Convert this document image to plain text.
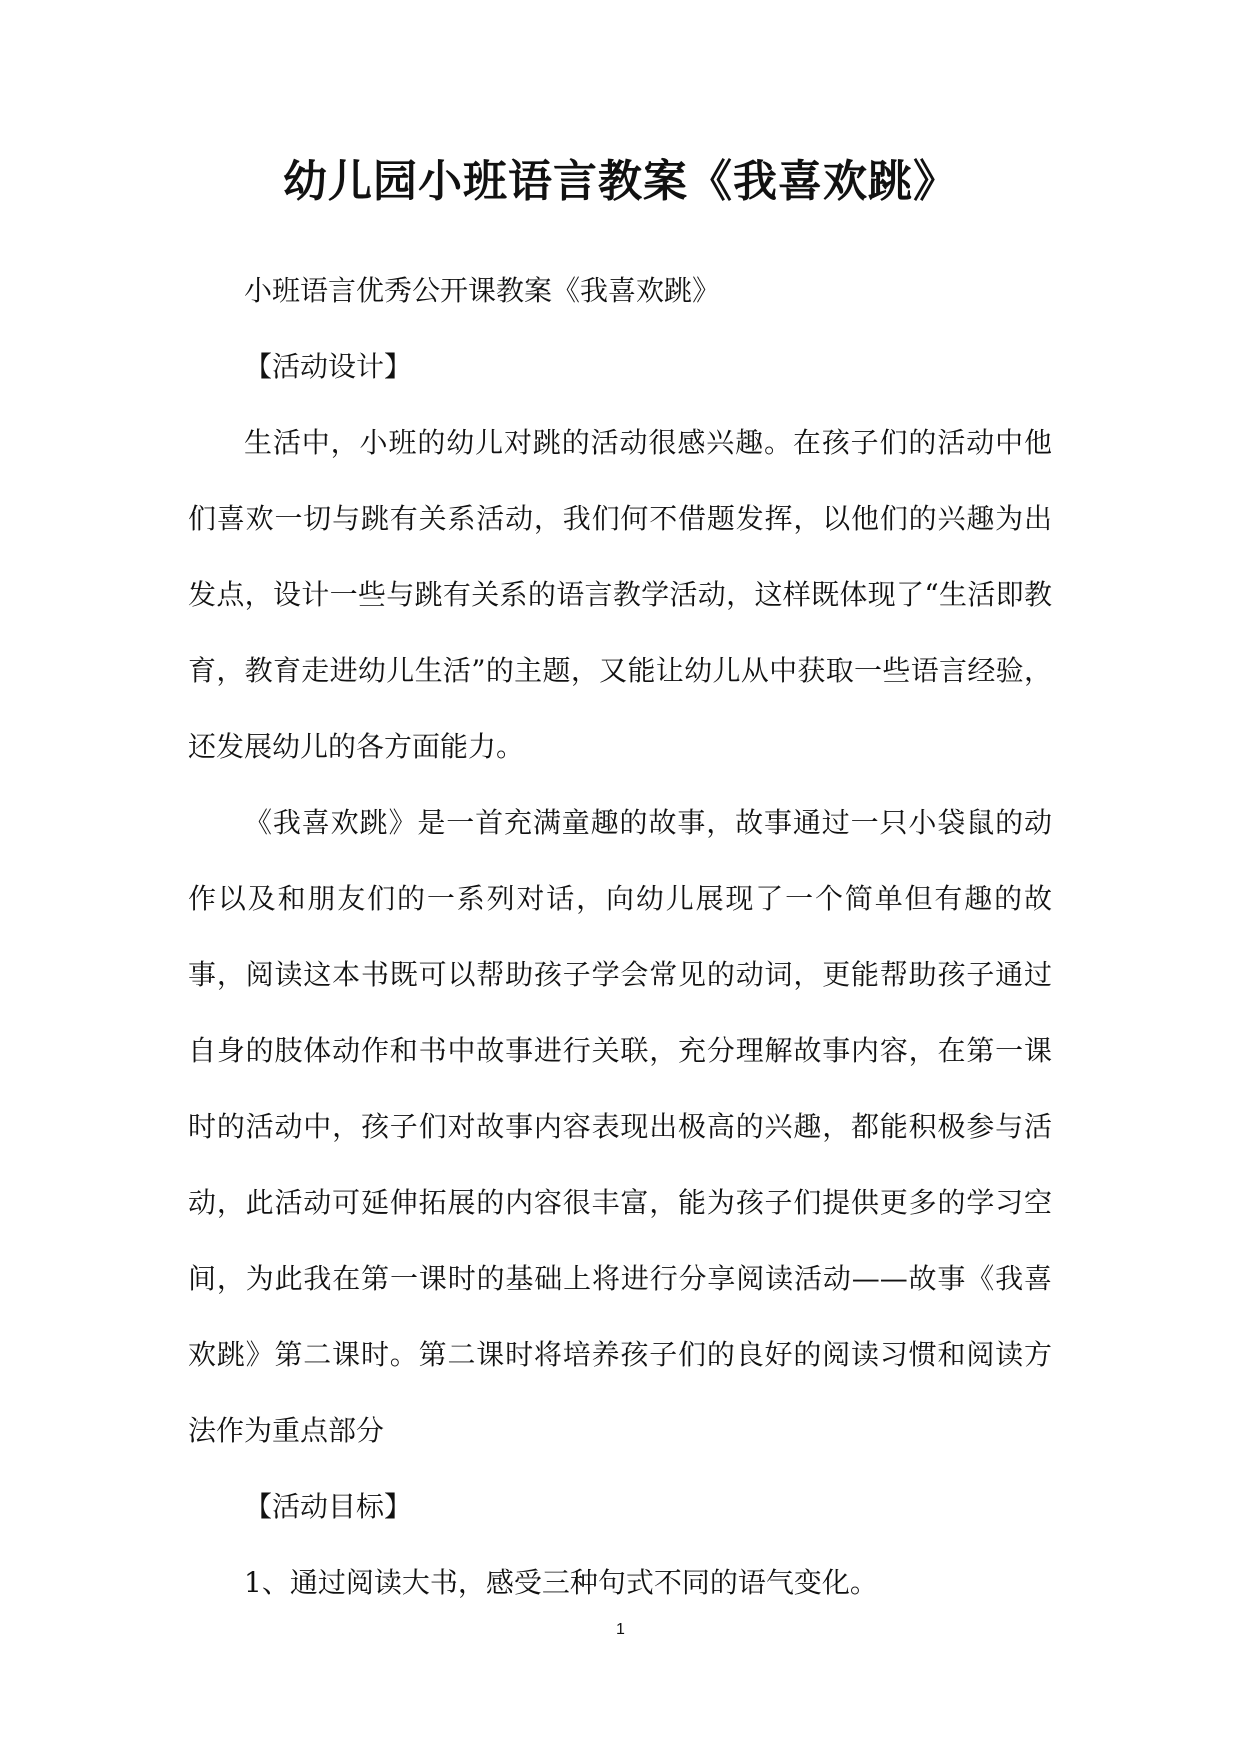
幼儿园小班语言教案《我喜欢跳》

小班语言优秀公开课教案《我喜欢跳》

【活动设计】

生活中，小班的幼儿对跳的活动很感兴趣。在孩子们的活动中他们喜欢一切与跳有关系活动，我们何不借题发挥，以他们的兴趣为出发点，设计一些与跳有关系的语言教学活动，这样既体现了“生活即教育，教育走进幼儿生活”的主题，又能让幼儿从中获取一些语言经验，还发展幼儿的各方面能力。

《我喜欢跳》是一首充满童趣的故事，故事通过一只小袋鼠的动作以及和朋友们的一系列对话，向幼儿展现了一个简单但有趣的故事，阅读这本书既可以帮助孩子学会常见的动词，更能帮助孩子通过自身的肢体动作和书中故事进行关联，充分理解故事内容，在第一课时的活动中，孩子们对故事内容表现出极高的兴趣，都能积极参与活动，此活动可延伸拓展的内容很丰富，能为孩子们提供更多的学习空间，为此我在第一课时的基础上将进行分享阅读活动——故事《我喜欢跳》第二课时。第二课时将培养孩子们的良好的阅读习惯和阅读方法作为重点部分

【活动目标】

1、通过阅读大书，感受三种句式不同的语气变化。

1
